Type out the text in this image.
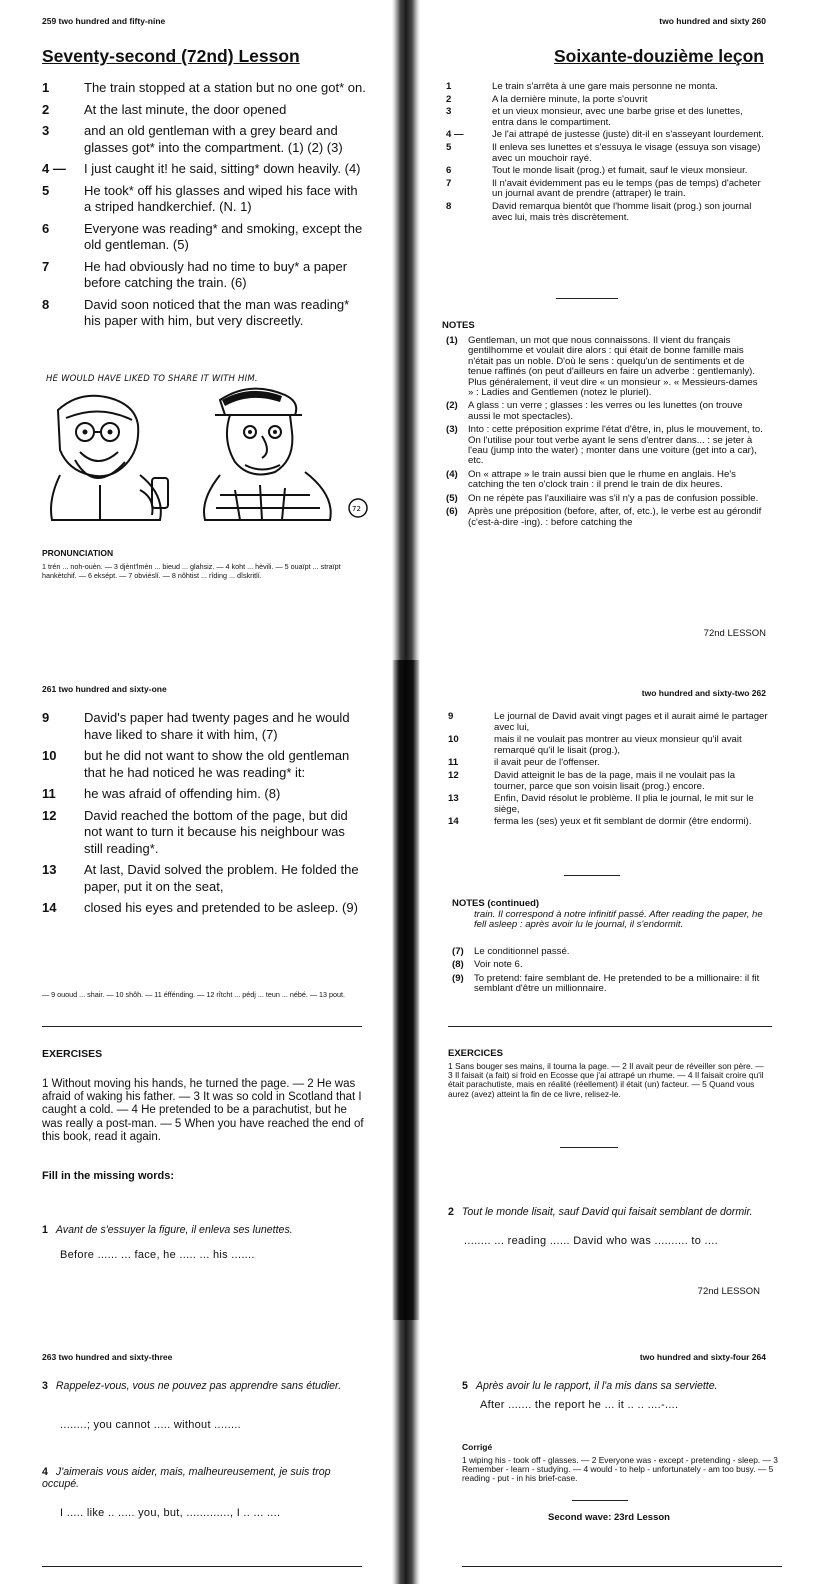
259 two hundred and fifty-nine
Seventy-second (72nd) Lesson
1	The train stopped at a station but no one got* on.
2	At the last minute, the door opened
3	and an old gentleman with a grey beard and glasses got* into the compartment. (1) (2) (3)
4 —	I just caught it! he said, sitting* down heavily. (4)
5	He took* off his glasses and wiped his face with a striped handkerchief. (N. 1)
6	Everyone was reading* and smoking, except the old gentleman. (5)
7	He had obviously had no time to buy* a paper before catching the train. (6)
8	David soon noticed that the man was reading* his paper with him, but very discreetly.
HE WOULD HAVE LIKED TO SHARE IT WITH HIM.
72
PRONUNCIATION
1 trén ... noh-ouèn. — 3 djènt'lmèn ... bieud ... glahsiz. — 4 koht ... hèvili. — 5 ouaïpt ... straïpt hankètchif. — 6 eksépt. — 7 obviéslí. — 8 nôhtist ... rîding ... dîskritlí.
two hundred and sixty 260
Soixante-douzième leçon
1	Le train s'arrêta à une gare mais personne ne monta.
2	A la dernière minute, la porte s'ouvrit
3	et un vieux monsieur, avec une barbe grise et des lunettes, entra dans le compartiment.
4 —	Je l'ai attrapé de justesse (juste) dit-il en s'asseyant lourdement.
5	Il enleva ses lunettes et s'essuya le visage (essuya son visage) avec un mouchoir rayé.
6	Tout le monde lisait (prog.) et fumait, sauf le vieux monsieur.
7	Il n'avait évidemment pas eu le temps (pas de temps) d'acheter un journal avant de prendre (attraper) le train.
8	David remarqua bientôt que l'homme lisait (prog.) son journal avec lui, mais très discrètement.
NOTES
(1) Gentleman, un mot que nous connaissons. Il vient du français gentilhomme et voulait dire alors : qui était de bonne famille mais n'était pas un noble. D'où le sens : quelqu'un de sentiments et de tenue raffinés (on peut d'ailleurs en faire un adverbe : gentlemanly). Plus généralement, il veut dire « un monsieur ». « Messieurs-dames » : Ladies and Gentlemen (notez le pluriel).
(2) A glass : un verre ; glasses : les verres ou les lunettes (on trouve aussi le mot spectacles).
(3) Into : cette préposition exprime l'état d'être, in, plus le mouvement, to. On l'utilise pour tout verbe ayant le sens d'entrer dans... : se jeter à l'eau (jump into the water) ; monter dans une voiture (get into a car), etc.
(4) On « attrape » le train aussi bien que le rhume en anglais. He's catching the ten o'clock train : il prend le train de dix heures.
(5) On ne répète pas l'auxiliaire was s'il n'y a pas de confusion possible.
(6) Après une préposition (before, after, of, etc.), le verbe est au gérondif (c'est-à-dire -ing). : before catching the
72nd LESSON
261 two hundred and sixty-one
9	David's paper had twenty pages and he would have liked to share it with him, (7)
10	but he did not want to show the old gentleman that he had noticed he was reading* it:
11	he was afraid of offending him. (8)
12	David reached the bottom of the page, but did not want to turn it because his neighbour was still reading*.
13	At last, David solved the problem. He folded the paper, put it on the seat,
14	closed his eyes and pretended to be asleep. (9)
— 9 ououd ... shair. — 10 shôh. — 11 éffénding. — 12 rîtcht ... pédj ... teun ... nébé. — 13 pout.
EXERCISES
1 Without moving his hands, he turned the page. — 2 He was afraid of waking his father. — 3 It was so cold in Scotland that I caught a cold. — 4 He pretended to be a parachutist, but he was really a post-man. — 5 When you have reached the end of this book, read it again.
Fill in the missing words:
1 Avant de s'essuyer la figure, il enleva ses lunettes.
Before ...... ... face, he ..... ... his .......
two hundred and sixty-two 262
9	Le journal de David avait vingt pages et il aurait aimé le partager avec lui,
10	mais il ne voulait pas montrer au vieux monsieur qu'il avait remarqué qu'il le lisait (prog.),
11	il avait peur de l'offenser.
12	David atteignit le bas de la page, mais il ne voulait pas la tourner, parce que son voisin lisait (prog.) encore.
13	Enfin, David résolut le problème. Il plia le journal, le mit sur le siège,
14	ferma les (ses) yeux et fit semblant de dormir (être endormi).
NOTES (continued)
train. Il correspond à notre infinitif passé. After reading the paper, he fell asleep : après avoir lu le journal, il s'endormit.
(7) Le conditionnel passé.
(8) Voir note 6.
(9) To pretend: faire semblant de. He pretended to be a millionaire: il fit semblant d'être un millionnaire.
EXERCICES
1 Sans bouger ses mains, il tourna la page. — 2 Il avait peur de réveiller son père. — 3 Il faisait (a fait) si froid en Ecosse que j'ai attrapé un rhume. — 4 Il faisait croire qu'il était parachutiste, mais en réalité (réellement) il était (un) facteur. — 5 Quand vous aurez (avez) atteint la fin de ce livre, relisez-le.
2 Tout le monde lisait, sauf David qui faisait semblant de dormir.
........ ... reading ...... David who was .......... to ....
72nd LESSON
263 two hundred and sixty-three
3 Rappelez-vous, vous ne pouvez pas apprendre sans étudier.
........; you cannot ..... without ........
4 J'aimerais vous aider, mais, malheureusement, je suis trop occupé.
I ..... like .. ..... you, but, ............., I .. ... ....
two hundred and sixty-four 264
5 Après avoir lu le rapport, il l'a mis dans sa serviette.
After ....... the report he ... it .. .. ....-....
Corrigé
1 wiping his - took off - glasses. — 2 Everyone was - except - pretending - sleep. — 3 Remember - learn - studying. — 4 would - to help - unfortunately - am too busy. — 5 reading - put - in his brief-case.
Second wave: 23rd Lesson
